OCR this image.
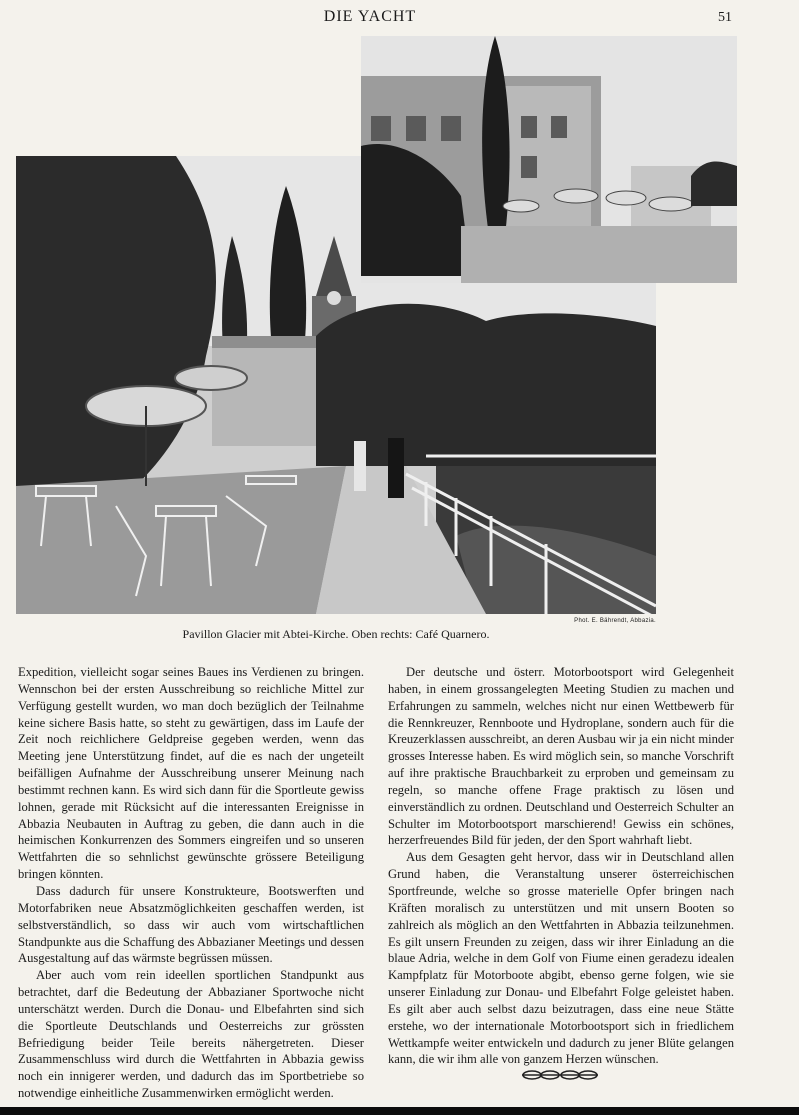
DIE YACHT	51
Pavillon Glacier mit Abtei-Kirche. Oben rechts: Café Quarnero.
Phot. E. Bährendt, Abbazia.

Expedition, vielleicht sogar seines Baues ins Verdienen zu bringen. Wennschon bei der ersten Ausschreibung so reichliche Mittel zur Verfügung gestellt wurden, wo man doch bezüglich der Teilnahme keine sichere Basis hatte, so steht zu gewärtigen, dass im Laufe der Zeit noch reichlichere Geldpreise gegeben werden, wenn das Meeting jene Unterstützung findet, auf die es nach der ungeteilt beifälligen Aufnahme der Ausschreibung unserer Meinung nach bestimmt rechnen kann. Es wird sich dann für die Sportleute gewiss lohnen, gerade mit Rücksicht auf die interessanten Ereignisse in Abbazia Neubauten in Auftrag zu geben, die dann auch in die heimischen Konkurrenzen des Sommers eingreifen und so unseren Wettfahrten die so sehnlichst gewünschte grössere Beteiligung bringen könnten.

Dass dadurch für unsere Konstrukteure, Bootswerften und Motorfabriken neue Absatzmöglichkeiten geschaffen werden, ist selbstverständlich, so dass wir auch vom wirtschaftlichen Standpunkte aus die Schaffung des Abbazianer Meetings und dessen Ausgestaltung auf das wärmste begrüssen müssen.

Aber auch vom rein ideellen sportlichen Standpunkt aus betrachtet, darf die Bedeutung der Abbazianer Sportwoche nicht unterschätzt werden. Durch die Donau- und Elbefahrten sind sich die Sportleute Deutschlands und Oesterreichs zur grössten Befriedigung beider Teile bereits nähergetreten. Dieser Zusammenschluss wird durch die Wettfahrten in Abbazia gewiss noch ein innigerer werden, und dadurch das im Sportbetriebe so notwendige einheitliche Zusammenwirken ermöglicht werden.

Der deutsche und österr. Motorbootsport wird Gelegenheit haben, in einem grossangelegten Meeting Studien zu machen und Erfahrungen zu sammeln, welches nicht nur einen Wettbewerb für die Rennkreuzer, Rennboote und Hydroplane, sondern auch für die Kreuzerklassen ausschreibt, an deren Ausbau wir ja ein nicht minder grosses Interesse haben. Es wird möglich sein, so manche Vorschrift auf ihre praktische Brauchbarkeit zu erproben und gemeinsam zu regeln, so manche offene Frage praktisch zu lösen und einverständlich zu ordnen. Deutschland und Oesterreich Schulter an Schulter im Motorbootsport marschierend! Gewiss ein schönes, herzerfreuendes Bild für jeden, der den Sport wahrhaft liebt.

Aus dem Gesagten geht hervor, dass wir in Deutschland allen Grund haben, die Veranstaltung unserer österreichischen Sportfreunde, welche so grosse materielle Opfer bringen nach Kräften moralisch zu unterstützen und mit unsern Booten so zahlreich als möglich an den Wettfahrten in Abbazia teilzunehmen. Es gilt unsern Freunden zu zeigen, dass wir ihrer Einladung an die blaue Adria, welche in dem Golf von Fiume einen geradezu idealen Kampfplatz für Motorboote abgibt, ebenso gerne folgen, wie sie unserer Einladung zur Donau- und Elbefahrt Folge geleistet haben. Es gilt aber auch selbst dazu beizutragen, dass eine neue Stätte erstehe, wo der internationale Motorbootsport sich in friedlichem Wettkampfe weiter entwickeln und dadurch zu jener Blüte gelangen kann, die wir ihm alle von ganzem Herzen wünschen.
